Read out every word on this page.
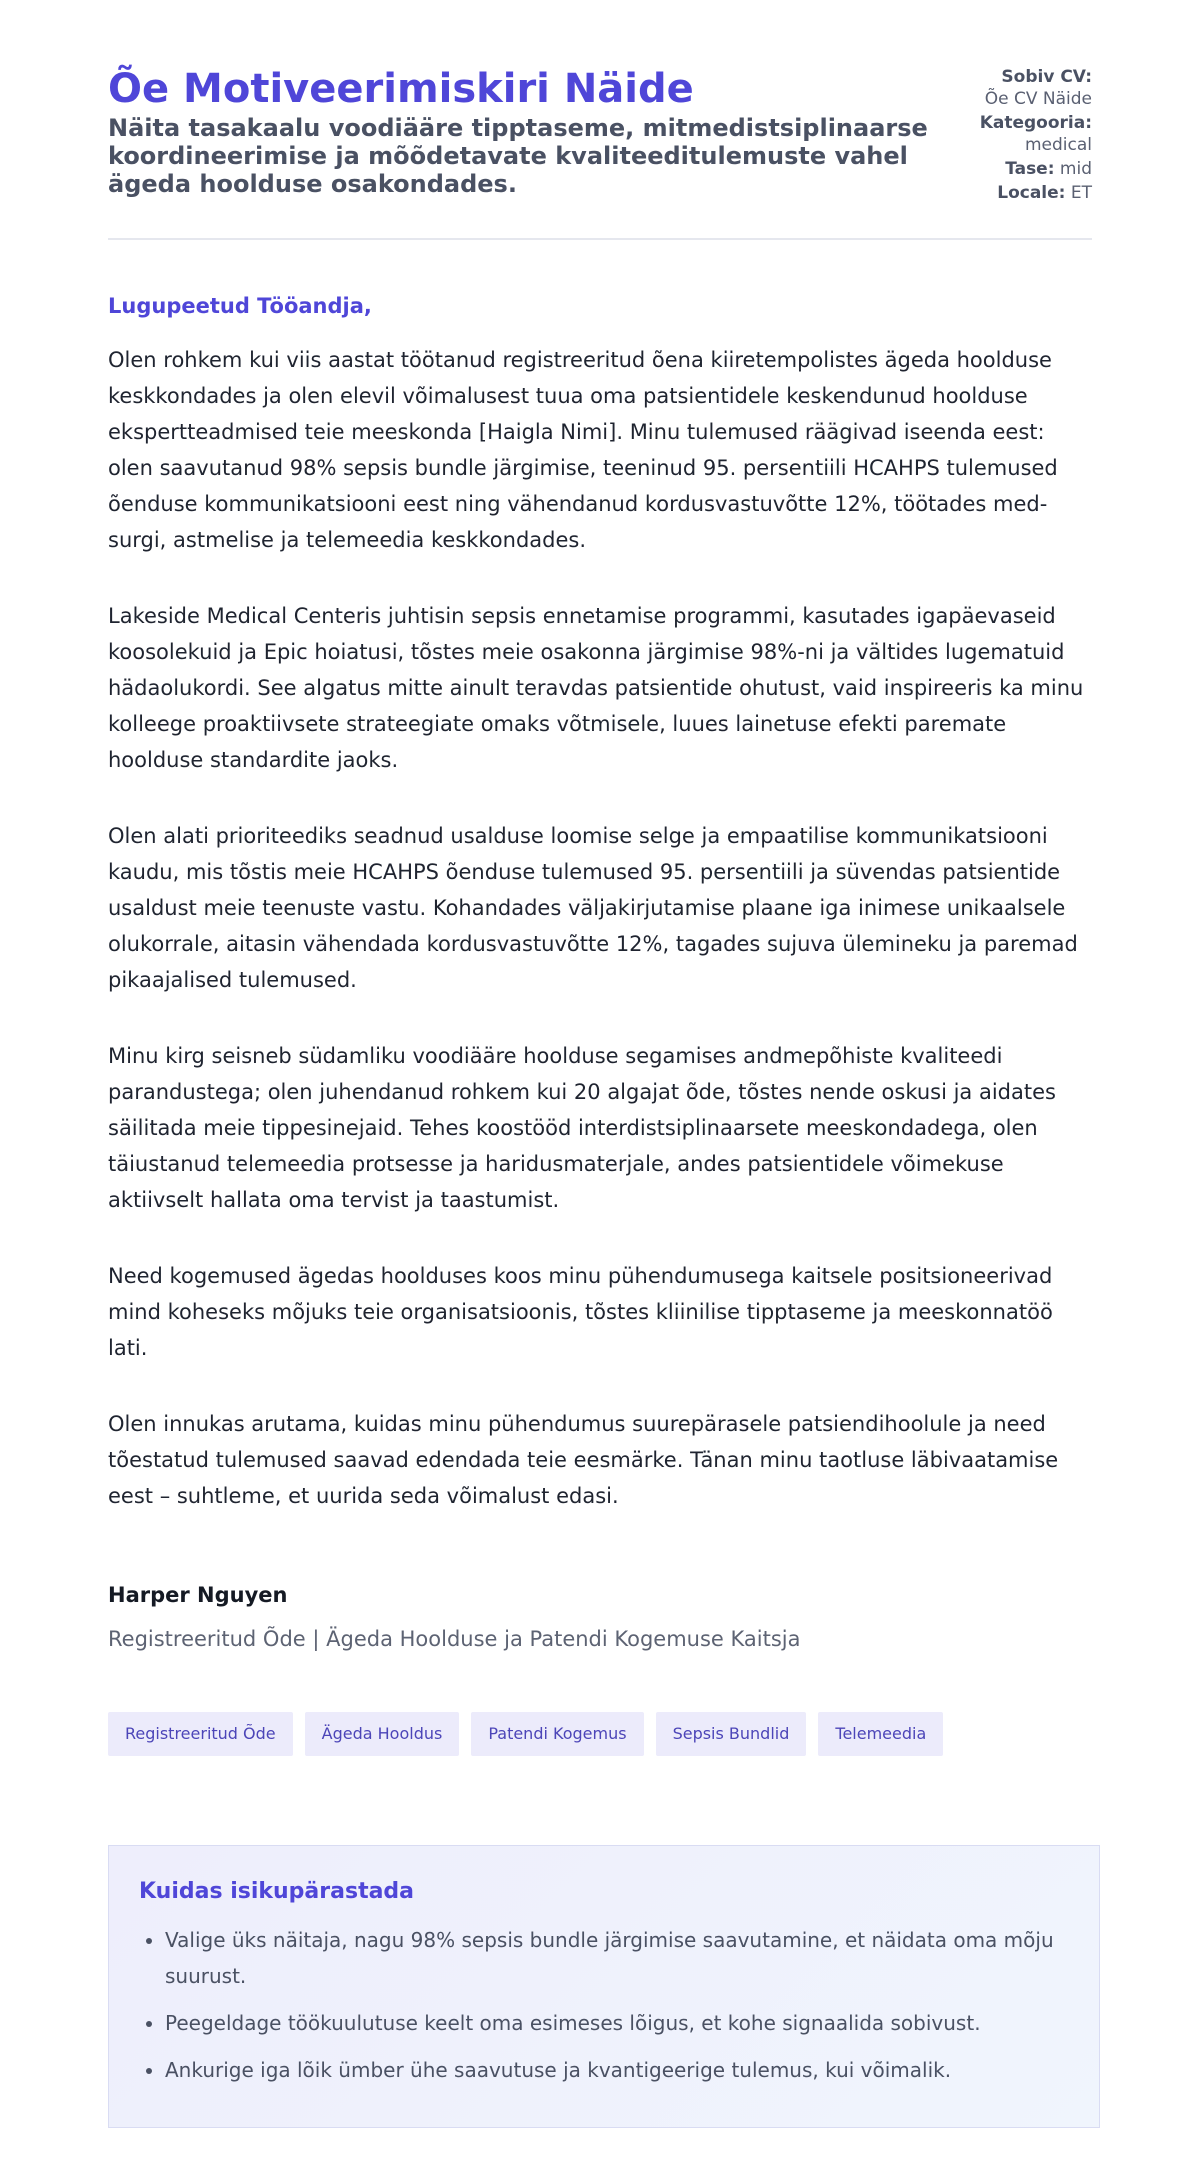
Õe Motiveerimiskiri Näide

Näita tasakaalu voodiääre tipptaseme, mitmedistsiplinaarse koordineerimise ja mõõdetavate kvaliteeditulemuste vahel ägeda hoolduse osakondades.

Sobiv CV:
Õe CV Näide
Kategooria:
medical
Tase: mid
Locale: ET

Lugupeetud Tööandja,

Olen rohkem kui viis aastat töötanud registreeritud õena kiiretempolistes ägeda hoolduse keskkondades ja olen elevil võimalusest tuua oma patsientidele keskendunud hoolduse ekspertteadmised teie meeskonda [Haigla Nimi]. Minu tulemused räägivad iseenda eest: olen saavutanud 98% sepsis bundle järgimise, teeninud 95. persentiili HCAHPS tulemused õenduse kommunikatsiooni eest ning vähendanud kordusvastuvõtte 12%, töötades med-surgi, astmelise ja telemeedia keskkondades.

Lakeside Medical Centeris juhtisin sepsis ennetamise programmi, kasutades igapäevaseid koosolekuid ja Epic hoiatusi, tõstes meie osakonna järgimise 98%-ni ja vältides lugematuid hädaolukordi. See algatus mitte ainult teravdas patsientide ohutust, vaid inspireeris ka minu kolleege proaktiivsete strateegiate omaks võtmisele, luues lainetuse efekti paremate hoolduse standardite jaoks.

Olen alati prioriteediks seadnud usalduse loomise selge ja empaatilise kommunikatsiooni kaudu, mis tõstis meie HCAHPS õenduse tulemused 95. persentiili ja süvendas patsientide usaldust meie teenuste vastu. Kohandades väljakirjutamise plaane iga inimese unikaalsele olukorrale, aitasin vähendada kordusvastuvõtte 12%, tagades sujuva ülemineku ja paremad pikaajalised tulemused.

Minu kirg seisneb südamliku voodiääre hoolduse segamises andmepõhiste kvaliteedi parandustega; olen juhendanud rohkem kui 20 algajat õde, tõstes nende oskusi ja aidates säilitada meie tippesinejaid. Tehes koostööd interdistsiplinaarsete meeskondadega, olen täiustanud telemeedia protsesse ja haridusmaterjale, andes patsientidele võimekuse aktiivselt hallata oma tervist ja taastumist.

Need kogemused ägedas hoolduses koos minu pühendumusega kaitsele positsioneerivad mind koheseks mõjuks teie organisatsioonis, tõstes kliinilise tipptaseme ja meeskonnatöö lati.

Olen innukas arutama, kuidas minu pühendumus suurepärasele patsiendihoolule ja need tõestatud tulemused saavad edendada teie eesmärke. Tänan minu taotluse läbivaatamise eest – suhtleme, et uurida seda võimalust edasi.

Harper Nguyen

Registreeritud Õde | Ägeda Hoolduse ja Patendi Kogemuse Kaitsja

Registreeritud Õde	Ägeda Hooldus	Patendi Kogemus	Sepsis Bundlid	Telemeedia
Kuidas isikupärastada
• Valige üks näitaja, nagu 98% sepsis bundle järgimise saavutamine, et näidata oma mõju suurust.
• Peegeldage töökuulutuse keelt oma esimeses lõigus, et kohe signaalida sobivust.
• Ankurige iga lõik ümber ühe saavutuse ja kvantigeerige tulemus, kui võimalik.
